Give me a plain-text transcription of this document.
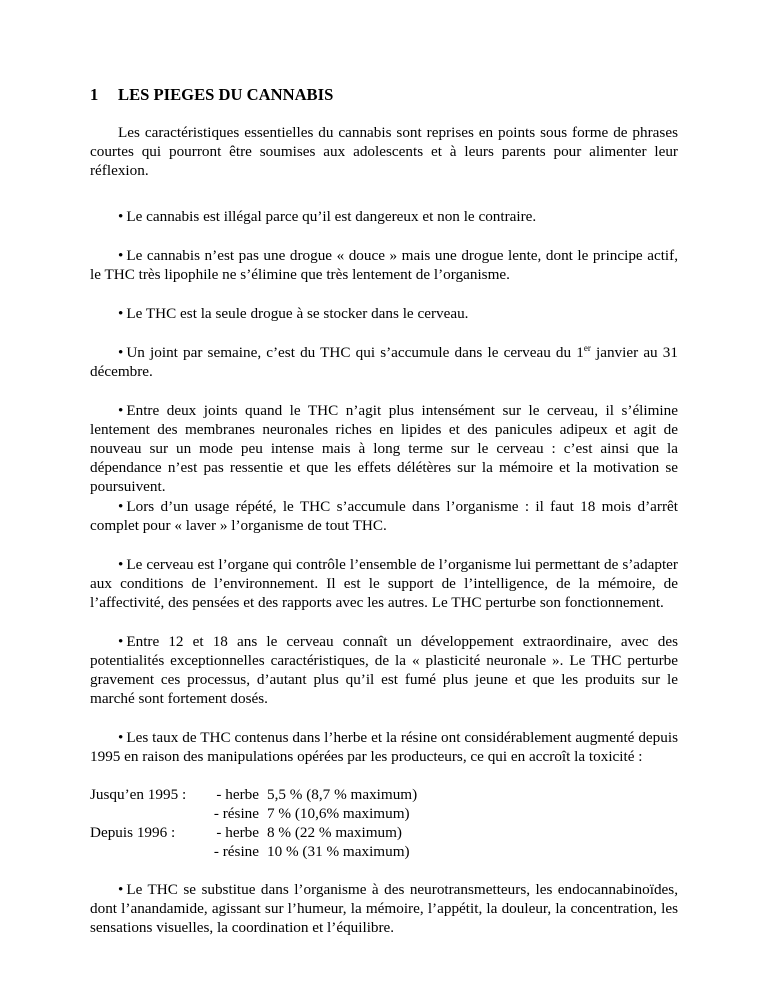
1 LES PIEGES DU CANNABIS

Les caractéristiques essentielles du cannabis sont reprises en points sous forme de phrases courtes qui pourront être soumises aux adolescents et à leurs parents pour alimenter leur réflexion.

• Le cannabis est illégal parce qu’il est dangereux et non le contraire.

• Le cannabis n’est pas une drogue « douce » mais une drogue lente, dont le principe actif, le THC très lipophile ne s’élimine que très lentement de l’organisme.

• Le THC est la seule drogue à se stocker dans le cerveau.

• Un joint par semaine, c’est du THC qui s’accumule dans le cerveau du 1er janvier au 31 décembre.

• Entre deux joints quand le THC n’agit plus intensément sur le cerveau, il s’élimine lentement des membranes neuronales riches en lipides et des panicules adipeux et agit de nouveau sur un mode peu intense mais à long terme sur le cerveau : c’est ainsi que la dépendance n’est pas ressentie et que les effets délétères sur la mémoire et la motivation se poursuivent.

• Lors d’un usage répété, le THC s’accumule dans l’organisme : il faut 18 mois d’arrêt complet pour « laver » l’organisme de tout THC.

• Le cerveau est l’organe qui contrôle l’ensemble de l’organisme lui permettant de s’adapter aux conditions de l’environnement. Il est le support de l’intelligence, de la mémoire, de l’affectivité, des pensées et des rapports avec les autres. Le THC perturbe son fonctionnement.

• Entre 12 et 18 ans le cerveau connaît un développement extraordinaire, avec des potentialités exceptionnelles caractéristiques, de la « plasticité neuronale ». Le THC perturbe gravement ces processus, d’autant plus qu’il est fumé plus jeune et que les produits sur le marché sont fortement dosés.

• Les taux de THC contenus dans l’herbe et la résine ont considérablement augmenté depuis 1995 en raison des manipulations opérées par les producteurs, ce qui en accroît la toxicité :

Jusqu’en 1995 :	- herbe 5,5 % (8,7 % maximum)
- résine 7 % (10,6% maximum)
Depuis 1996 :	- herbe 8 % (22 % maximum)
- résine 10 % (31 % maximum)

• Le THC se substitue dans l’organisme à des neurotransmetteurs, les endocannabinoïdes, dont l’anandamide, agissant sur l’humeur, la mémoire, l’appétit, la douleur, la concentration, les sensations visuelles, la coordination et l’équilibre.
